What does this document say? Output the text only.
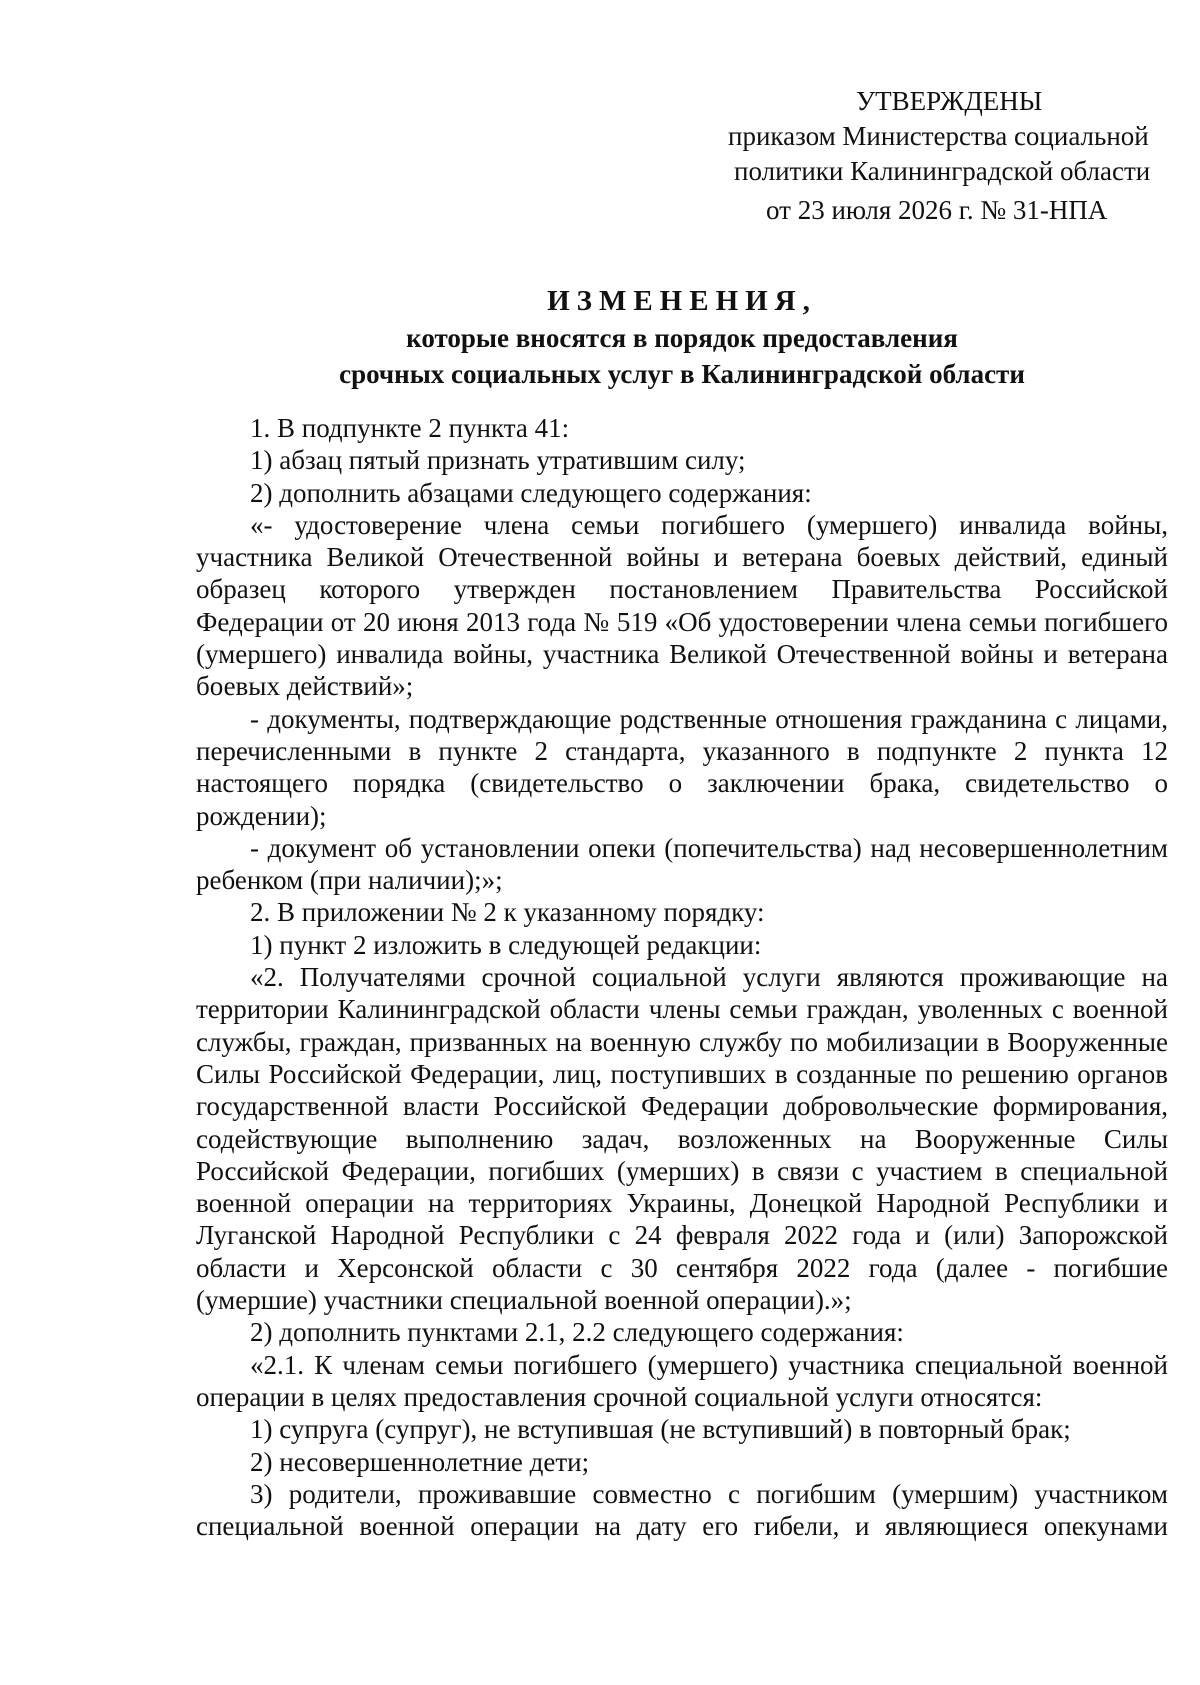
УТВЕРЖДЕНЫ
приказом Министерства социальной
политики Калининградской области
от 23 июля 2026 г. № 31-НПА
ИЗМЕНЕНИЯ,
которые вносятся в порядок предоставления
срочных социальных услуг в Калининградской области

1. В подпункте 2 пункта 41:

1) абзац пятый признать утратившим силу;

2) дополнить абзацами следующего содержания:

«- удостоверение члена семьи погибшего (умершего) инвалида войны, участника Великой Отечественной войны и ветерана боевых действий, единый образец которого утвержден постановлением Правительства Российской Федерации от 20 июня 2013 года № 519 «Об удостоверении члена семьи погибшего (умершего) инвалида войны, участника Великой Отечественной войны и ветерана боевых действий»;

- документы, подтверждающие родственные отношения гражданина с лицами, перечисленными в пункте 2 стандарта, указанного в подпункте 2 пункта 12 настоящего порядка (свидетельство о заключении брака, свидетельство о рождении);

- документ об установлении опеки (попечительства) над несовершеннолетним ребенком (при наличии);»;

2. В приложении № 2 к указанному порядку:

1) пункт 2 изложить в следующей редакции:

«2. Получателями срочной социальной услуги являются проживающие на территории Калининградской области члены семьи граждан, уволенных с военной службы, граждан, призванных на военную службу по мобилизации в Вооруженные Силы Российской Федерации, лиц, поступивших в созданные по решению органов государственной власти Российской Федерации добровольческие формирования, содействующие выполнению задач, возложенных на Вооруженные Силы Российской Федерации, погибших (умерших) в связи с участием в специальной военной операции на территориях Украины, Донецкой Народной Республики и Луганской Народной Республики с 24 февраля 2022 года и (или) Запорожской области и Херсонской области с 30 сентября 2022 года (далее - погибшие (умершие) участники специальной военной операции).»;

2) дополнить пунктами 2.1, 2.2 следующего содержания:

«2.1. К членам семьи погибшего (умершего) участника специальной военной операции в целях предоставления срочной социальной услуги относятся:

1) супруга (супруг), не вступившая (не вступивший) в повторный брак;

2) несовершеннолетние дети;

3) родители, проживавшие совместно с погибшим (умершим) участником специальной военной операции на дату его гибели, и являющиеся опекунами
